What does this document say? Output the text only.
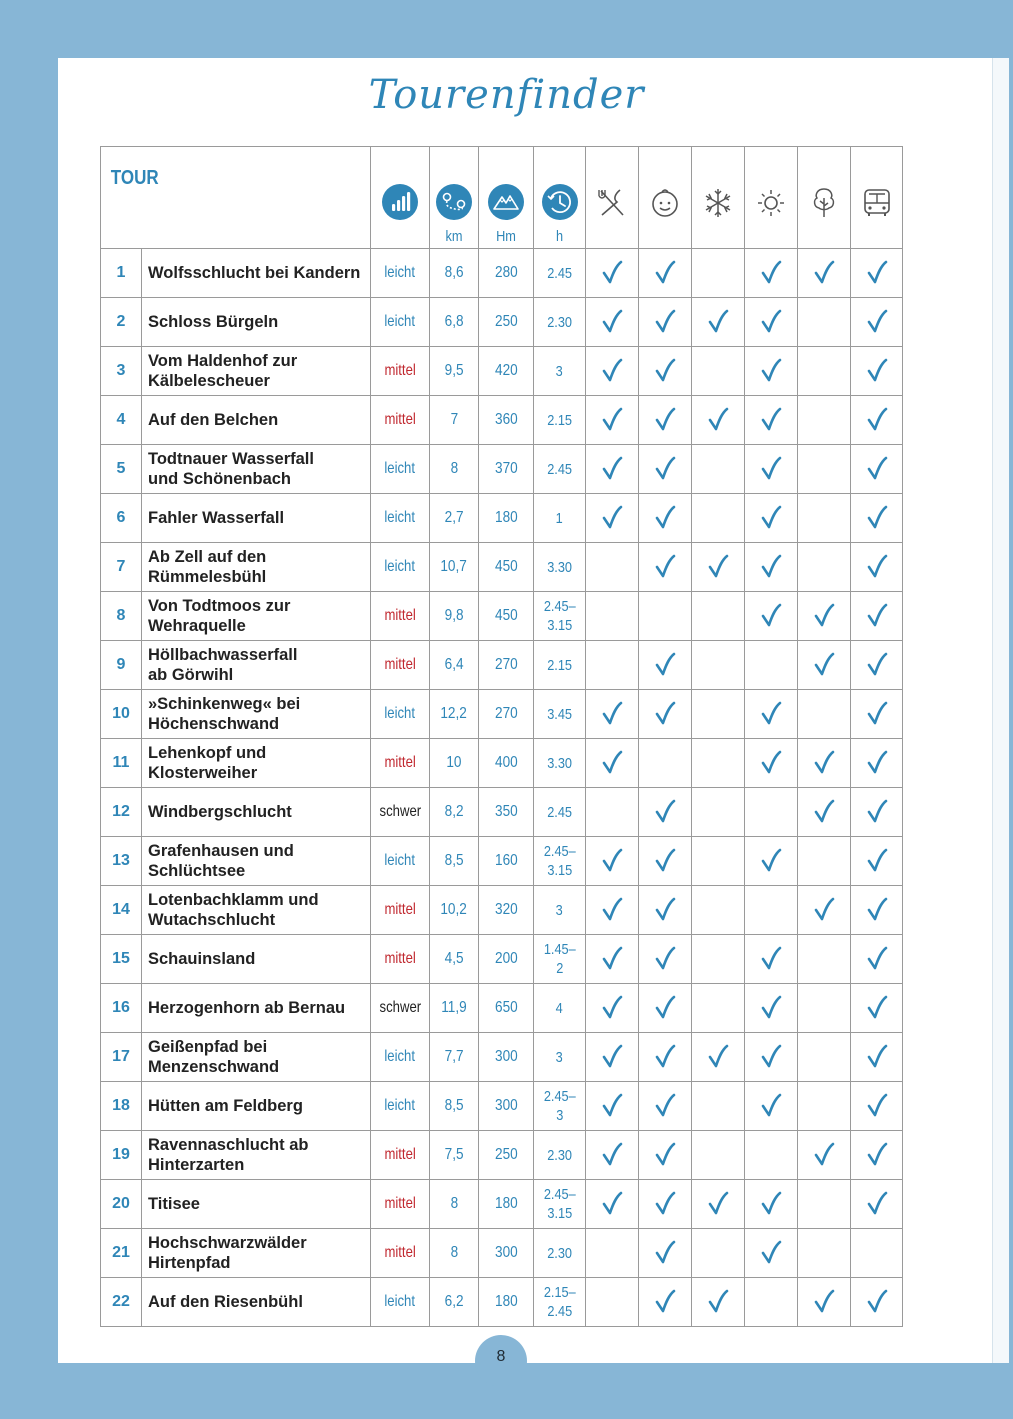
Tourenfinder
TOUR			km	Hm	h

1	Wolfsschlucht bei Kandern	leicht	8,6	280	2.45	

2	Schloss Bürgeln	leicht	6,8	250	2.30	

3	Vom Haldenhof zur
Kälbelescheuer	mittel	9,5	420	3	

4	Auf den Belchen	mittel	7	360	2.15	

5	Todtnauer Wasserfall
und Schönenbach	leicht	8	370	2.45	

6	Fahler Wasserfall	leicht	2,7	180	1	

7	Ab Zell auf den
Rümmelesbühl	leicht	10,7	450	3.30		

8	Von Todtmoos zur
Wehraquelle	mittel	9,8	450	2.45–
3.15				

9	Höllbachwasserfall
ab Görwihl	mittel	6,4	270	2.15		

10	»Schinkenweg« bei
Höchenschwand	leicht	12,2	270	3.45	

11	Lehenkopf und
Klosterweiher	mittel	10	400	3.30	

12	Windbergschlucht	schwer	8,2	350	2.45		

13	Grafenhausen und
Schlüchtsee	leicht	8,5	160	2.45–
3.15	

14	Lotenbachklamm und
Wutachschlucht	mittel	10,2	320	3	

15	Schauinsland	mittel	4,5	200	1.45–
2	

16	Herzogenhorn ab Bernau	schwer	11,9	650	4	

17	Geißenpfad bei
Menzenschwand	leicht	7,7	300	3	

18	Hütten am Feldberg	leicht	8,5	300	2.45–
3	

19	Ravennaschlucht ab
Hinterzarten	mittel	7,5	250	2.30	

20	Titisee	mittel	8	180	2.45–
3.15	

21	Hochschwarzwälder
Hirtenpfad	mittel	8	300	2.30		

22	Auf den Riesenbühl	leicht	6,2	180	2.15–
2.45		

8
